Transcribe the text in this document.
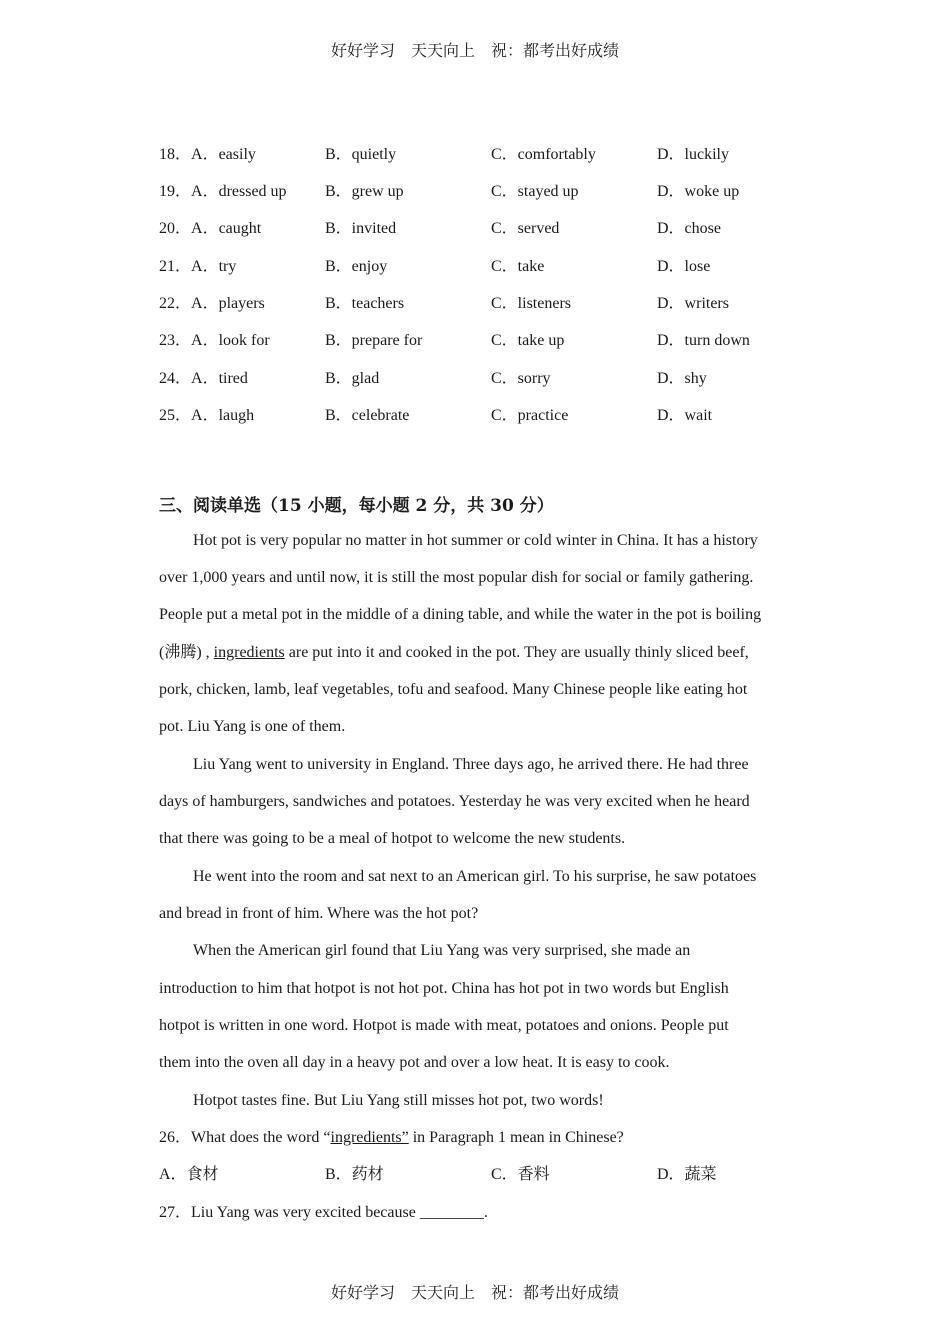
好好学习　天天向上　祝：都考出好成绩
18．A．easily	B．quietly	C．comfortably	D．luckily
19．A．dressed up B．grew up	C．stayed up	D．woke up
20．A．caught	B．invited	C．served	D．chose
21．A．try	B．enjoy	C．take	D．lose
22．A．players	B．teachers	C．listeners	D．writers
23．A．look for	B．prepare for	C．take up	D．turn down
24．A．tired	B．glad	C．sorry	D．shy
25．A．laugh	B．celebrate	C．practice	D．wait
三、阅读单选（15 小题，每小题 2 分，共 30 分）
Hot pot is very popular no matter in hot summer or cold winter in China. It has a history
over 1,000 years and until now, it is still the most popular dish for social or family gathering.
People put a metal pot in the middle of a dining table, and while the water in the pot is boiling
(沸腾) , ingredients are put into it and cooked in the pot. They are usually thinly sliced beef,
pork, chicken, lamb, leaf vegetables, tofu and seafood. Many Chinese people like eating hot
pot. Liu Yang is one of them.
Liu Yang went to university in England. Three days ago, he arrived there. He had three
days of hamburgers, sandwiches and potatoes. Yesterday he was very excited when he heard
that there was going to be a meal of hotpot to welcome the new students.
He went into the room and sat next to an American girl. To his surprise, he saw potatoes
and bread in front of him. Where was the hot pot?
When the American girl found that Liu Yang was very surprised, she made an
introduction to him that hotpot is not hot pot. China has hot pot in two words but English
hotpot is written in one word. Hotpot is made with meat, potatoes and onions. People put
them into the oven all day in a heavy pot and over a low heat. It is easy to cook.
Hotpot tastes fine. But Liu Yang still misses hot pot, two words!
26．What does the word “ingredients” in Paragraph 1 mean in Chinese?
A．食材	B．药材	C．香料	D．蔬菜
27．Liu Yang was very excited because ________.
好好学习　天天向上　祝：都考出好成绩
